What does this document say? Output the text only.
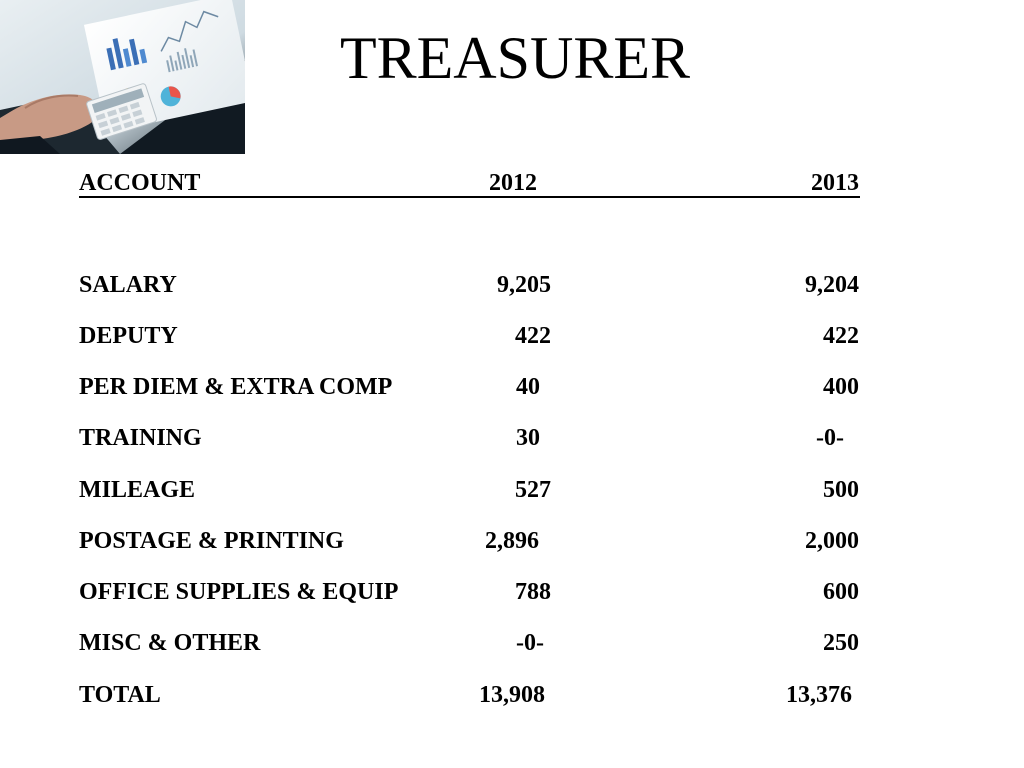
TREASURER
ACCOUNT	2012	2013
SALARY	9,205	9,204
DEPUTY	422	422
PER DIEM & EXTRA COMP	40	400
TRAINING	30	-0-
MILEAGE	527	500
POSTAGE & PRINTING	2,896	2,000
OFFICE SUPPLIES & EQUIP	788	600
MISC & OTHER	-0-	250
TOTAL	13,908	13,376
